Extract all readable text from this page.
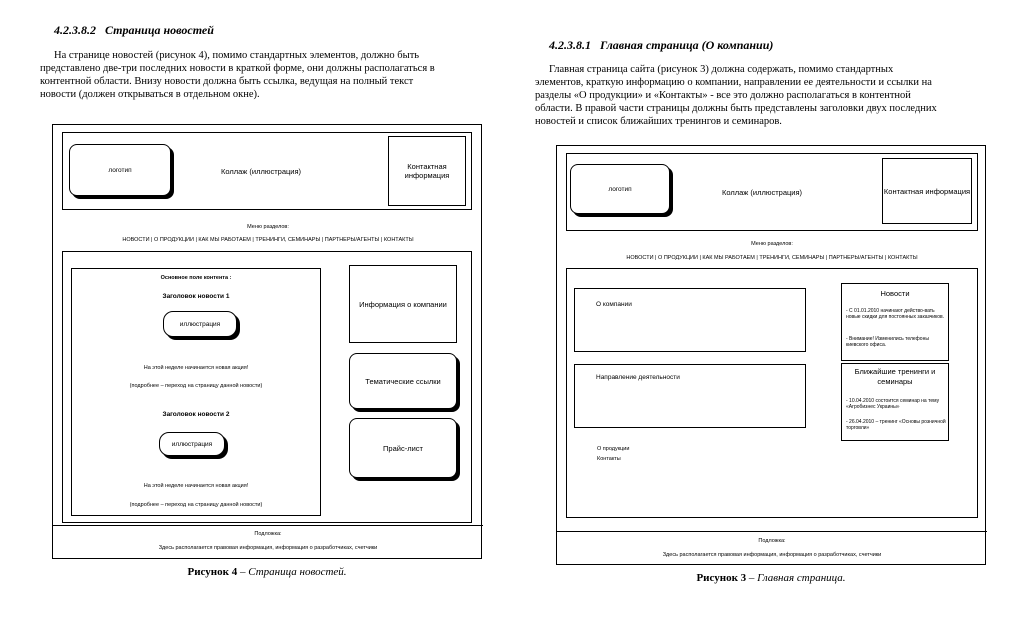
4.2.3.8.2 Страница новостей
На странице новостей (рисунок 4), помимо стандартных элементов, должно быть
представлено две-три последних новости в краткой форме, они должны располагаться в
контентной области. Внизу новости должна быть ссылка, ведущая на полный текст
новости (должен открываться в отдельном окне).
логотип	Коллаж (иллюстрация)
Контактная информация
Меню разделов:
НОВОСТИ | О ПРОДУКЦИИ | КАК МЫ РАБОТАЕМ | ТРЕНИНГИ, СЕМИНАРЫ | ПАРТНЕРЫ/АГЕНТЫ | КОНТАКТЫ
Основное поле контента :
Заголовок новости 1
иллюстрация
На этой неделе начинается новая акция!
(подробнее – переход на страницу данной новости)
Заголовок новости 2
иллюстрация
На этой неделе начинается новая акция!
(подробнее – переход на страницу данной новости)
Информация о компании
Тематические ссылки
Прайс-лист
Подложка:
Здесь располагается правовая информация, информация о разработчиках, счетчики
Рисунок 4 – Страница новостей.
4.2.3.8.1 Главная страница (О компании)
Главная страница сайта (рисунок 3) должна содержать, помимо стандартных
элементов, краткую информацию о компании, направлении ее деятельности и ссылки на
разделы «О продукции» и «Контакты» - все это должно располагаться в контентной
области. В правой части страницы должны быть представлены заголовки двух последних
новостей и список ближайших тренингов и семинаров.
логотип	Коллаж (иллюстрация)	Контактная информация
Меню разделов:
НОВОСТИ | О ПРОДУКЦИИ | КАК МЫ РАБОТАЕМ | ТРЕНИНГИ, СЕМИНАРЫ | ПАРТНЕРЫ/АГЕНТЫ | КОНТАКТЫ
О компании
Направление деятельности
О продукции
Контакты
Новости
- С 01.01.2010 начинают действо-вать новые скидки для постоянных заказчиков.
- Внимание! Изменились телефоны киевского офиса.
Ближайшие тренинги и семинары
- 10.04.2010 состоится семинар на тему «Агробизнес Украины»
- 26.04.2010 – тренинг «Основы розничной торговли»
Подложка:
Здесь располагается правовая информация, информация о разработчиках, счетчики
Рисунок 3 – Главная страница.
